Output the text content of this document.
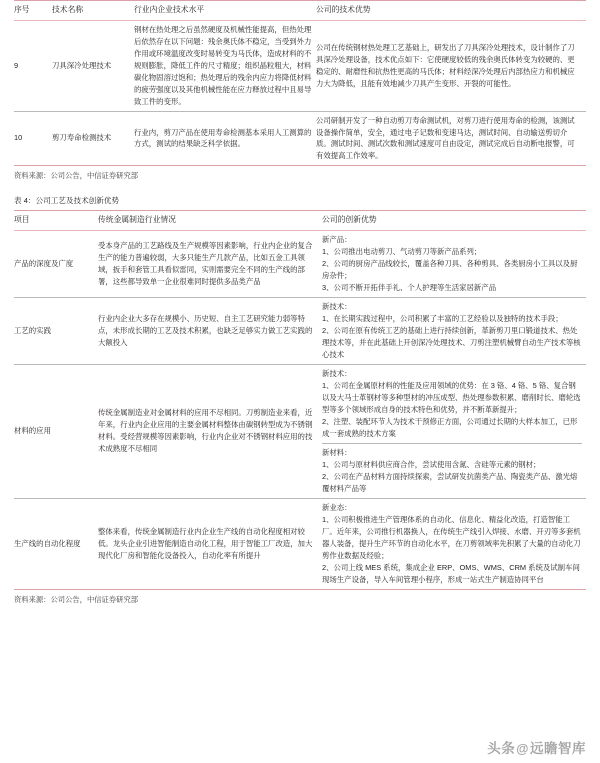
序号	技术名称	行业内企业技术水平	公司的技术优势
9	刀具深冷处理技术	钢材在热处理之后虽然硬度及机械性能提高，但热处理后依然存在以下问题：残余奥氏体不稳定，当受到外力作用或环境温度改变时易转变为马氏体，造成材料的不规则膨胀，降低工件的尺寸精度；组织晶粒粗大，材料碳化物固溶过饱和；热处理后的残余内应力将降低材料的疲劳强度以及其他机械性能在应力释放过程中且易导致工件的变形。	公司在传统钢材热处理工艺基础上，研发出了刀具深冷处理技术，设计制作了刀具深冷处理设备，技术优点如下：它使硬度较低的残余奥氏体转变为较硬的、更稳定的、耐磨性和抗热性更高的马氏体；材料经深冷处理后内部热应力和机械应力大为降低，且能有效地减少刀具产生变形、开裂的可能性。
10	剪刀寿命检测技术	行业内，剪刀产品在使用寿命检测基本采用人工测算的方式，测试的结果缺乏科学依据。	公司研制开发了一种自动剪刀寿命测试机，对剪刀进行使用寿命的检测，该测试设备操作简单，安全，通过电子记数和变速马达，测试时间、自动输送剪切介质。测试时间、测试次数和测试速度可自由设定，测试完成后自动断电报警，可有效提高工作效率。
资料来源：公司公告，中信证券研究部
表 4：公司工艺及技术创新优势
项目	传统金属制造行业情况	公司的创新优势
产品的深度及广度	受本身产品的工艺路线及生产规模等因素影响，行业内企业的复合生产的能力普遍较弱，大多只能生产几款产品，比如五金工具领域，扳手和套管工具看似雷同，实则需要完全不同的生产线的部署，这些都导致单一企业很难同时提供多品类产品	新产品：

1、公司推出电动剪刀、气动剪刀等新产品系列；

2、公司的厨房产品线较长，覆盖各种刀具、各种剪具、各类厨房小工具以及厨房杂件；

3、公司不断开拓伴手礼、个人护理等生活家居新产品

工艺的实践	行业内企业大多存在规模小、历史短、自主工艺研究能力弱等特点，未形成长期的工艺及技术积累，也缺乏足够实力做工艺实践的大额投入	新技术：

1、在长期实践过程中，公司积累了丰富的工艺经验以及独特的技术手段；

2、公司在原有传统工艺的基础上进行持续创新，革新剪刀里口锻道技术、热处理技术等，并在此基础上开创深冷处理技术、刀剪注塑机械臂自动生产技术等核心技术

材料的应用	传统金属制造业对金属材料的应用不尽相同。刀剪制造业来看，近年来，行业内企业应用的主要金属材料整体由碳钢转型成为不锈钢材料。受经营规模等因素影响，行业内企业对不锈钢材料应用的技术成熟度不尽相同	

新技术：

1、公司在金属原材料的性能及应用领域的优势：在 3 铬、4 铬、5 铬、复合钢以及大马士革钢材等多种型材的冲压成型、热处理参数积累、磨削时长、磨轮选型等多个领域形成自身的技术特色和优势，并不断革新提升；

2、注塑、装配环节人为技术干预修正方面，公司通过长期的大样本加工，已形成一套成熟的技术方案

新材料：

1、公司与原材料供应商合作，尝试使用含氮、含硅等元素的钢材；

2、公司在产品材料方面持续探索，尝试研发抗菌类产品、陶瓷类产品、激光熔覆材料产品等

生产线的自动化程度	整体来看，传统金属制造行业内企业生产线的自动化程度相对较低。龙头企业引进智能制造自动化工程，用于智能工厂改造，加大现代化厂房和智能化设备投入，自动化率有所提升	新业态：

1、公司积极推进生产管理体系的自动化、信息化、精益化改造，打造智能工厂。近年来，公司推行机器换人，在传统生产线引入焊接、水磨、开刃等多套机器人装备，提升生产环节的自动化水平，在刀剪领域率先积累了大量的自动化刀剪作业数据及经验；

2、公司上线 MES 系统，集成企业 ERP、OMS、WMS、CRM 系统及试制车间现场生产设备，导入车间管理小程序，形成一站式生产制造协同平台

资料来源：公司公告，中信证券研究部
头条@远瞻智库
